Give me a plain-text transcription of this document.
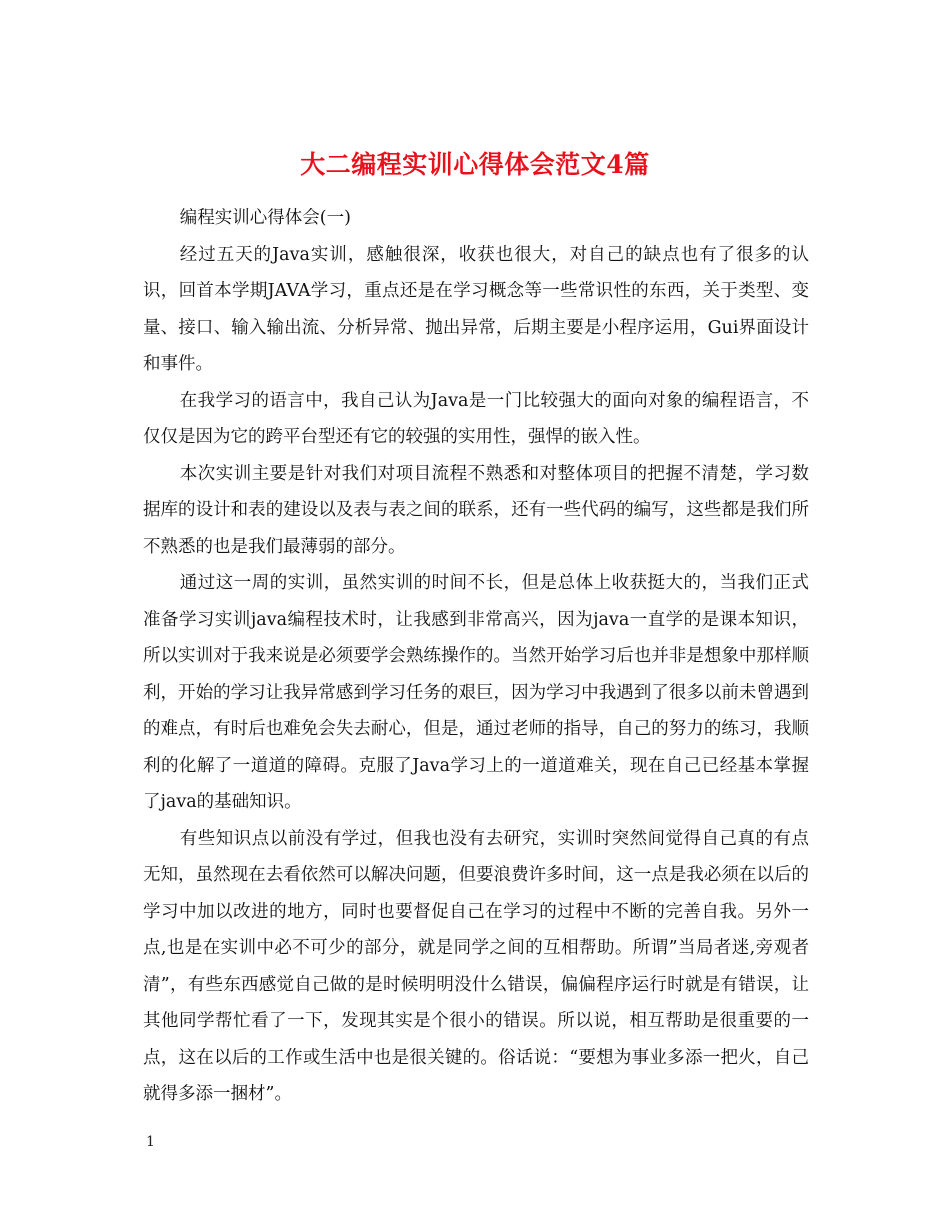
大二编程实训心得体会范文4篇

编程实训心得体会(一)

经过五天的Java实训，感触很深，收获也很大，对自己的缺点也有了很多的认识，回首本学期JAVA学习，重点还是在学习概念等一些常识性的东西，关于类型、变量、接口、输入输出流、分析异常、抛出异常，后期主要是小程序运用，Gui界面设计和事件。

在我学习的语言中，我自己认为Java是一门比较强大的面向对象的编程语言，不仅仅是因为它的跨平台型还有它的较强的实用性，强悍的嵌入性。

本次实训主要是针对我们对项目流程不熟悉和对整体项目的把握不清楚，学习数据库的设计和表的建设以及表与表之间的联系，还有一些代码的编写，这些都是我们所不熟悉的也是我们最薄弱的部分。

通过这一周的实训，虽然实训的时间不长，但是总体上收获挺大的，当我们正式准备学习实训java编程技术时，让我感到非常高兴，因为java一直学的是课本知识，所以实训对于我来说是必须要学会熟练操作的。当然开始学习后也并非是想象中那样顺利，开始的学习让我异常感到学习任务的艰巨，因为学习中我遇到了很多以前未曾遇到的难点，有时后也难免会失去耐心，但是，通过老师的指导，自己的努力的练习，我顺利的化解了一道道的障碍。克服了Java学习上的一道道难关，现在自己已经基本掌握了java的基础知识。

有些知识点以前没有学过，但我也没有去研究，实训时突然间觉得自己真的有点无知，虽然现在去看依然可以解决问题，但要浪费许多时间，这一点是我必须在以后的学习中加以改进的地方，同时也要督促自己在学习的过程中不断的完善自我。另外一点,也是在实训中必不可少的部分，就是同学之间的互相帮助。所谓”当局者迷,旁观者清”，有些东西感觉自己做的是时候明明没什么错误，偏偏程序运行时就是有错误，让其他同学帮忙看了一下，发现其实是个很小的错误。所以说，相互帮助是很重要的一点，这在以后的工作或生活中也是很关键的。俗话说：“要想为事业多添一把火，自己就得多添一捆材”。

1
